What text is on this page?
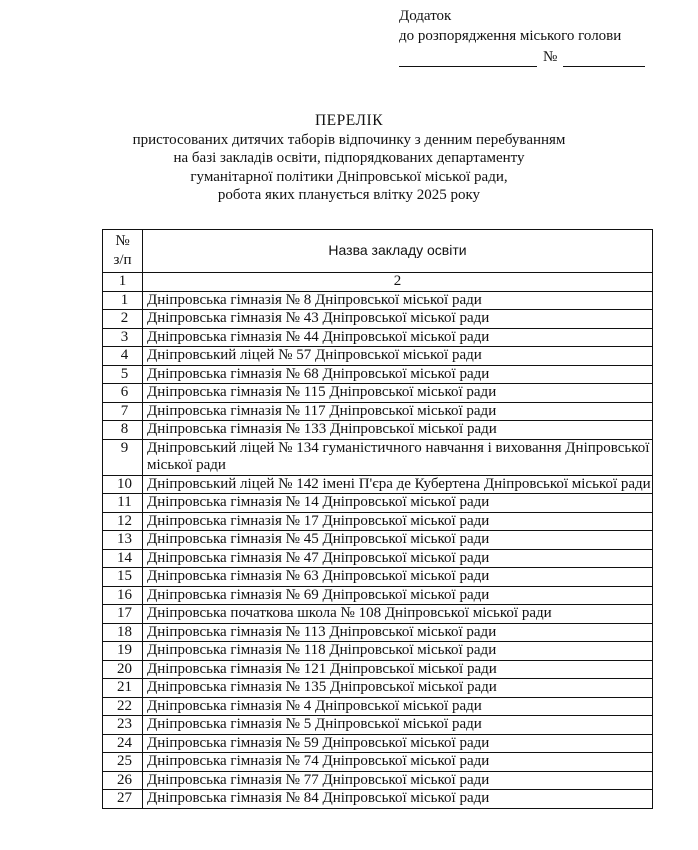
Додаток
до розпорядження міського голови
№
ПЕРЕЛІК
пристосованих дитячих таборів відпочинку з денним перебуванням
на базі закладів освіти, підпорядкованих департаменту
гуманітарної політики Дніпровської міської ради,
робота яких планується влітку 2025 року
№
з/п	Назва закладу освіти
1	2
1	Дніпровська гімназія № 8 Дніпровської міської ради
2	Дніпровська гімназія № 43 Дніпровської міської ради
3	Дніпровська гімназія № 44 Дніпровської міської ради
4	Дніпровський ліцей № 57 Дніпровської міської ради
5	Дніпровська гімназія № 68 Дніпровської міської ради
6	Дніпровська гімназія № 115 Дніпровської міської ради
7	Дніпровська гімназія № 117 Дніпровської міської ради
8	Дніпровська гімназія № 133 Дніпровської міської ради
9	Дніпровський ліцей № 134 гуманістичного навчання і виховання Дніпровської міської ради
10	Дніпровський ліцей № 142 імені П'єра де Кубертена Дніпровської міської ради
11	Дніпровська гімназія № 14 Дніпровської міської ради
12	Дніпровська гімназія № 17 Дніпровської міської ради
13	Дніпровська гімназія № 45 Дніпровської міської ради
14	Дніпровська гімназія № 47 Дніпровської міської ради
15	Дніпровська гімназія № 63 Дніпровської міської ради
16	Дніпровська гімназія № 69 Дніпровської міської ради
17	Дніпровська початкова школа № 108 Дніпровської міської ради
18	Дніпровська гімназія № 113 Дніпровської міської ради
19	Дніпровська гімназія № 118 Дніпровської міської ради
20	Дніпровська гімназія № 121 Дніпровської міської ради
21	Дніпровська гімназія № 135 Дніпровської міської ради
22	Дніпровська гімназія № 4 Дніпровської міської ради
23	Дніпровська гімназія № 5 Дніпровської міської ради
24	Дніпровська гімназія № 59 Дніпровської міської ради
25	Дніпровська гімназія № 74 Дніпровської міської ради
26	Дніпровська гімназія № 77 Дніпровської міської ради
27	Дніпровська гімназія № 84 Дніпровської міської ради
